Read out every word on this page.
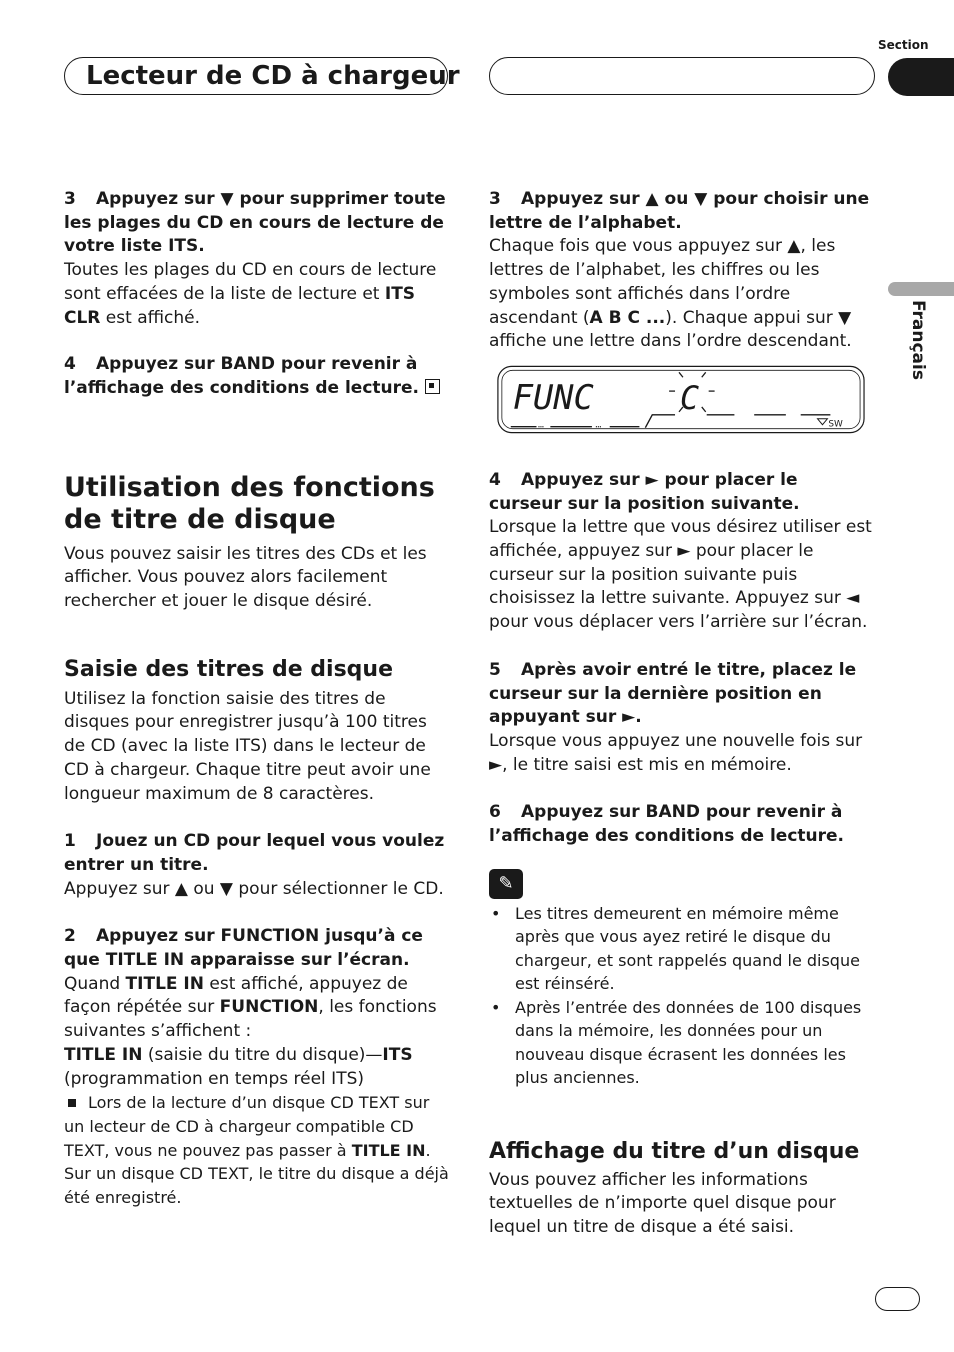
Section
Lecteur de CD à chargeur
Français

3 Appuyez sur ▼ pour supprimer toute les plages du CD en cours de lecture de votre liste ITS.

Toutes les plages du CD en cours de lecture sont effacées de la liste de lecture et ITS CLR est affiché.

4 Appuyez sur BAND pour revenir à l’affichage des conditions de lecture.

Utilisation des fonctions de titre de disque

Vous pouvez saisir les titres des CDs et les afficher. Vous pouvez alors facilement rechercher et jouer le disque désiré.

Saisie des titres de disque

Utilisez la fonction saisie des titres de disques pour enregistrer jusqu’à 100 titres de CD (avec la liste ITS) dans le lecteur de CD à chargeur. Chaque titre peut avoir une longueur maximum de 8 caractères.

1 Jouez un CD pour lequel vous voulez entrer un titre.

Appuyez sur ▲ ou ▼ pour sélectionner le CD.

2 Appuyez sur FUNCTION jusqu’à ce que TITLE IN apparaisse sur l’écran.

Quand TITLE IN est affiché, appuyez de façon répétée sur FUNCTION, les fonctions suivantes s’affichent :

TITLE IN (saisie du titre du disque)—ITS (programmation en temps réel ITS)

Lors de la lecture d’un disque CD TEXT sur un lecteur de CD à chargeur compatible CD TEXT, vous ne pouvez pas passer à TITLE IN. Sur un disque CD TEXT, le titre du disque a déjà été enregistré.

3 Appuyez sur ▲ ou ▼ pour choisir une lettre de l’alphabet.

Chaque fois que vous appuyez sur ▲, les lettres de l’alphabet, les chiffres ou les symboles sont affichés dans l’ordre ascendant (A B C ...). Chaque appui sur ▼ affiche une lettre dans l’ordre descendant.

FUNC	C
SW

4 Appuyez sur ► pour placer le curseur sur la position suivante.

Lorsque la lettre que vous désirez utiliser est affichée, appuyez sur ► pour placer le curseur sur la position suivante puis choisissez la lettre suivante. Appuyez sur ◄ pour vous déplacer vers l’arrière sur l’écran.

5 Après avoir entré le titre, placez le curseur sur la dernière position en appuyant sur ►.

Lorsque vous appuyez une nouvelle fois sur ►, le titre saisi est mis en mémoire.

6 Appuyez sur BAND pour revenir à l’affichage des conditions de lecture.

✎
• Les titres demeurent en mémoire même après que vous ayez retiré le disque du chargeur, et sont rappelés quand le disque est réinséré.
• Après l’entrée des données de 100 disques dans la mémoire, les données pour un nouveau disque écrasent les données les plus anciennes.
Affichage du titre d’un disque

Vous pouvez afficher les informations textuelles de n’importe quel disque pour lequel un titre de disque a été saisi.
